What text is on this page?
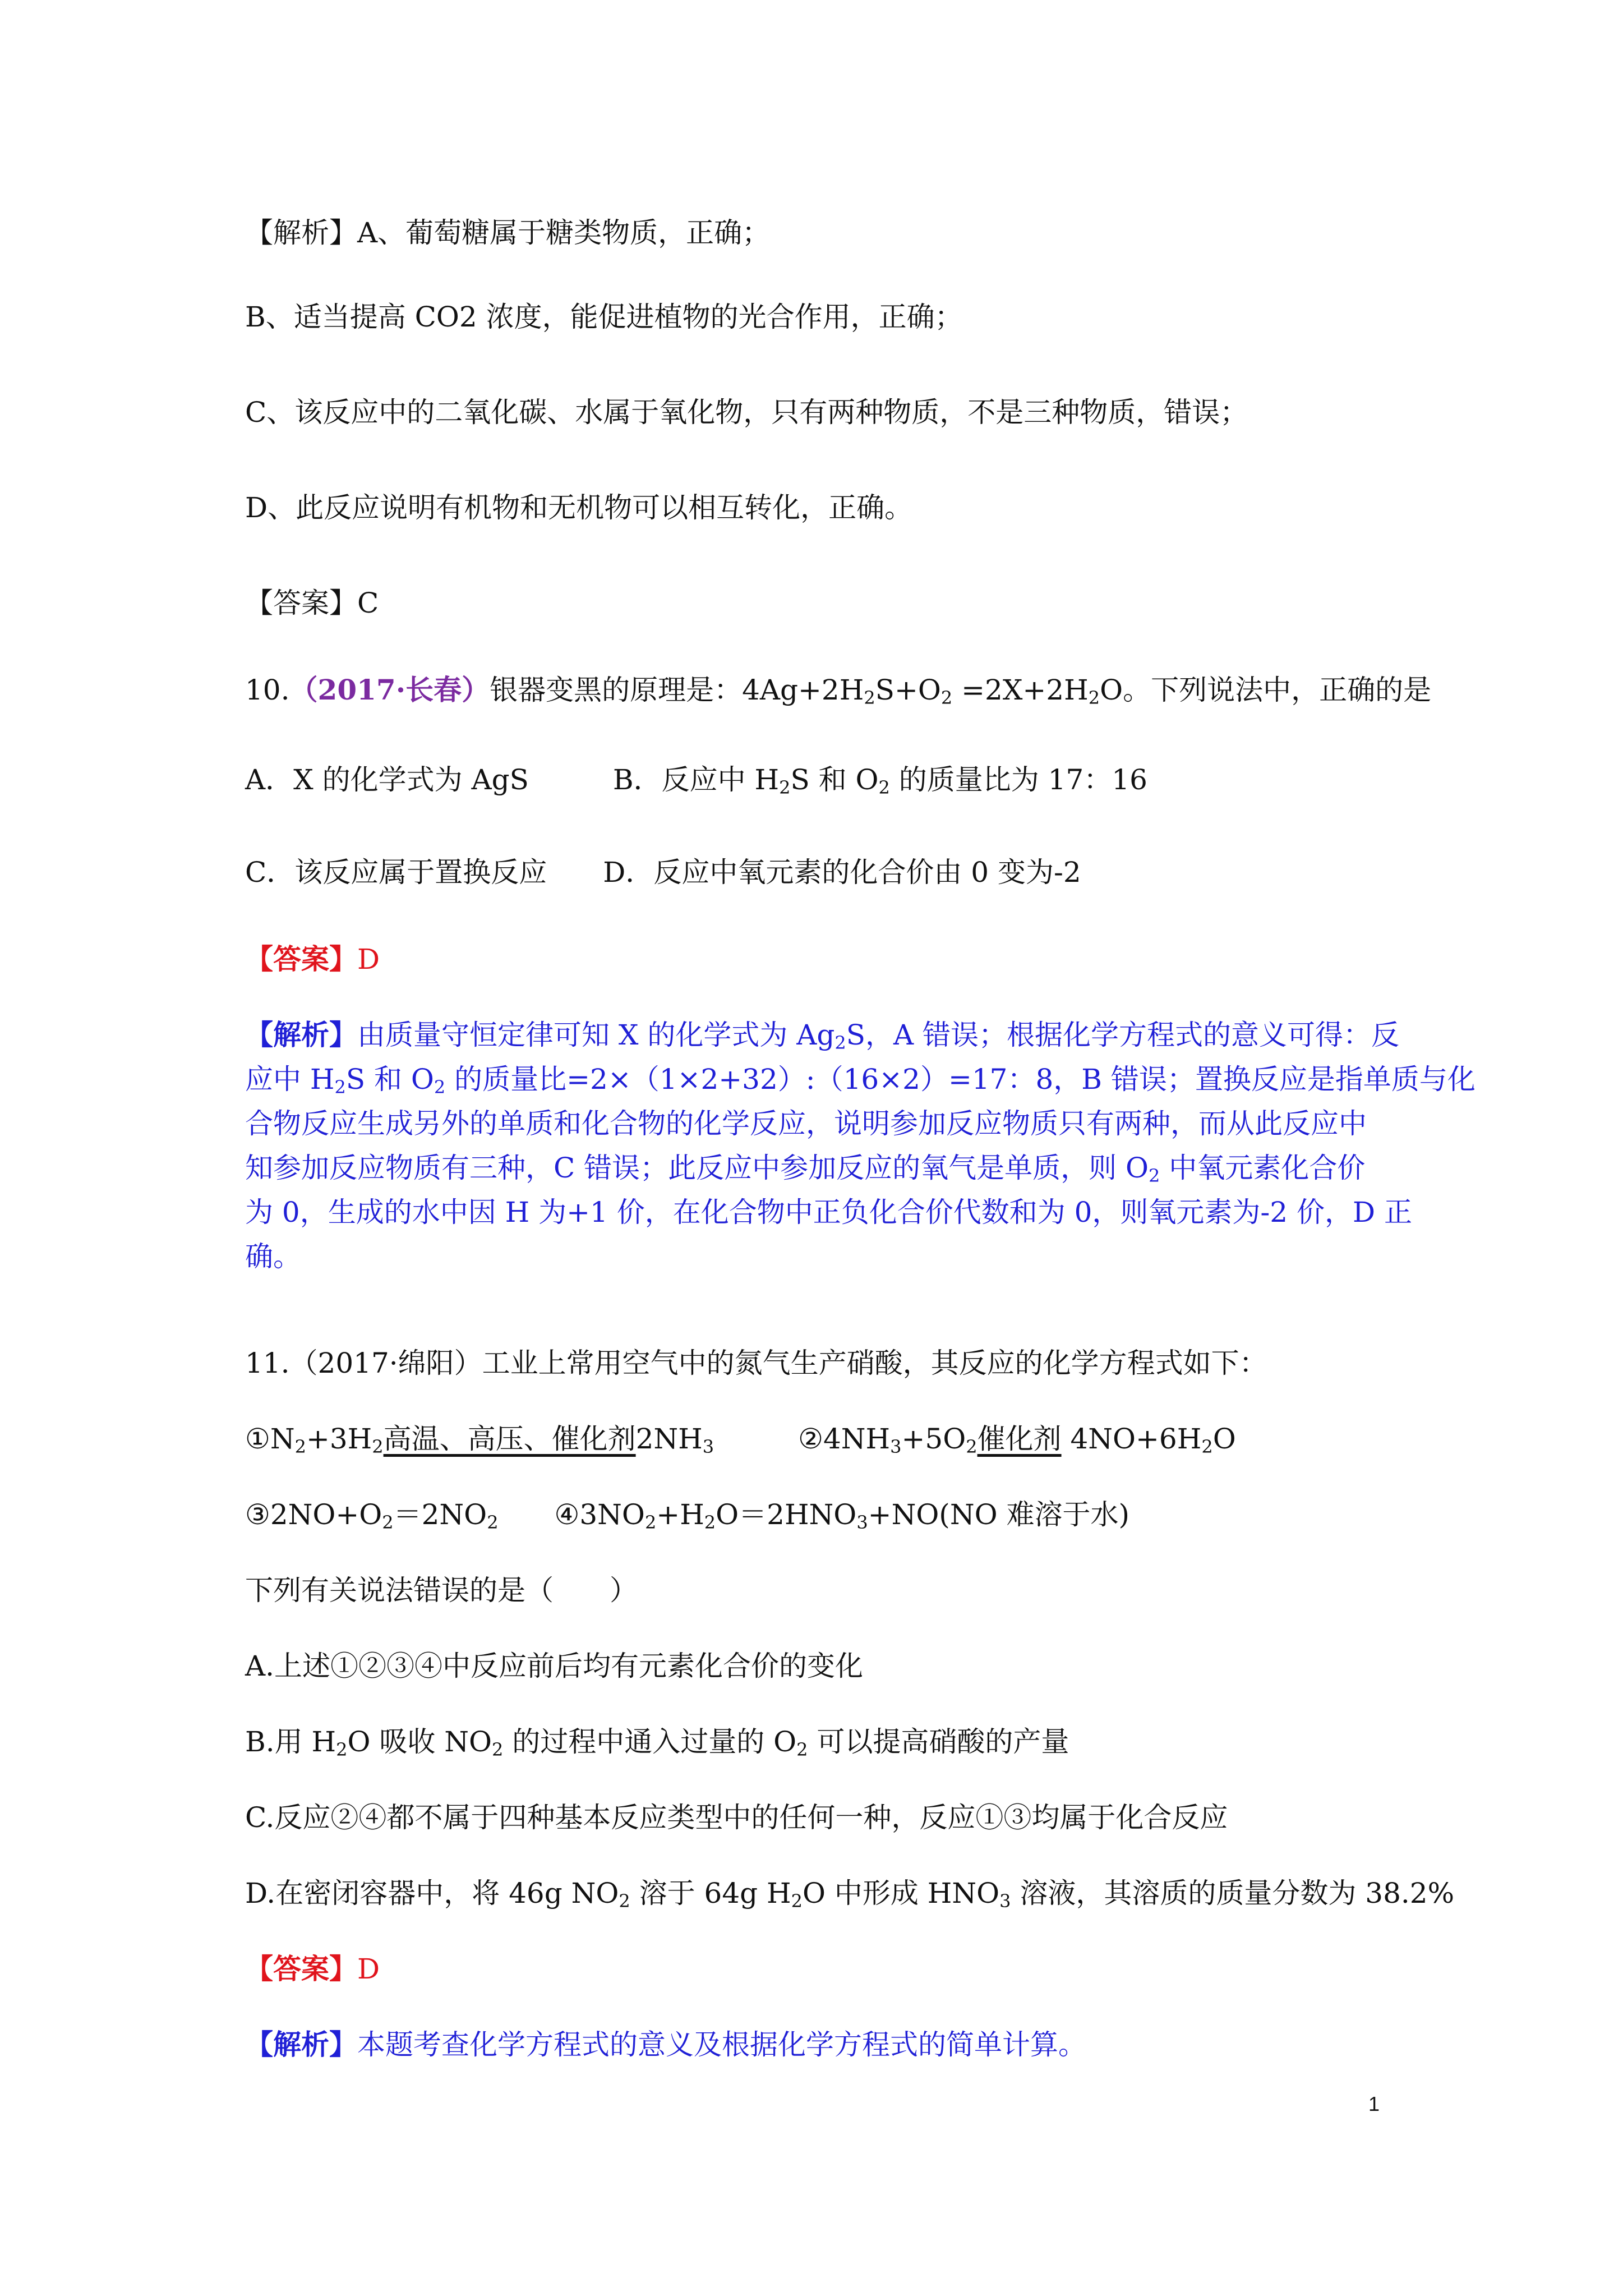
【解析】A、葡萄糖属于糖类物质，正确；
B、适当提高 CO2 浓度，能促进植物的光合作用，正确；
C、该反应中的二氧化碳、水属于氧化物，只有两种物质，不是三种物质，错误；
D、此反应说明有机物和无机物可以相互转化，正确。
【答案】C
10.（2017·长春）银器变黑的原理是：$4Ag+2H_2S+O_2 =2X+2H_2O$。下列说法中，正确的是
A．X 的化学式为 AgS	B．反应中 $H_2S$ 和 $O_2$ 的质量比为 17：16
C．该反应属于置换反应 D．反应中氧元素的化合价由 0 变为-2
【答案】D
【解析】由质量守恒定律可知 X 的化学式为 $Ag_2S$，A 错误；根据化学方程式的意义可得：反
应中 $H_2S$ 和 $O_2$ 的质量比=2×（1×2+32）:（16×2）=17：8，B 错误；置换反应是指单质与化
合物反应生成另外的单质和化合物的化学反应，说明参加反应物质只有两种，而从此反应中
知参加反应物质有三种，C 错误；此反应中参加反应的氧气是单质，则 $O_2$ 中氧元素化合价
为 0，生成的水中因 H 为+1 价，在化合物中正负化合价代数和为 0，则氧元素为-2 价，D 正
确。
11.（2017·绵阳）工业上常用空气中的氮气生产硝酸，其反应的化学方程式如下：
$①N_2+3H_2$高温、高压、催化剂$2NH_3$	$②4NH_3+5O_2$催化剂 $4NO+6H_2O$
$③2NO+O_2=2NO_2$ $④3NO_2+H_2O=2HNO_3+NO(NO$ 难溶于水)
下列有关说法错误的是（　　）
A.上述①②③④中反应前后均有元素化合价的变化
B.用 $H_2O$ 吸收 $NO_2$ 的过程中通入过量的 $O_2$ 可以提高硝酸的产量
C.反应②④都不属于四种基本反应类型中的任何一种，反应①③均属于化合反应
D.在密闭容器中，将 46g $NO_2$ 溶于 64g $H_2O$ 中形成 $HNO_3$ 溶液，其溶质的质量分数为 38.2%
【答案】D
【解析】本题考查化学方程式的意义及根据化学方程式的简单计算。
1
